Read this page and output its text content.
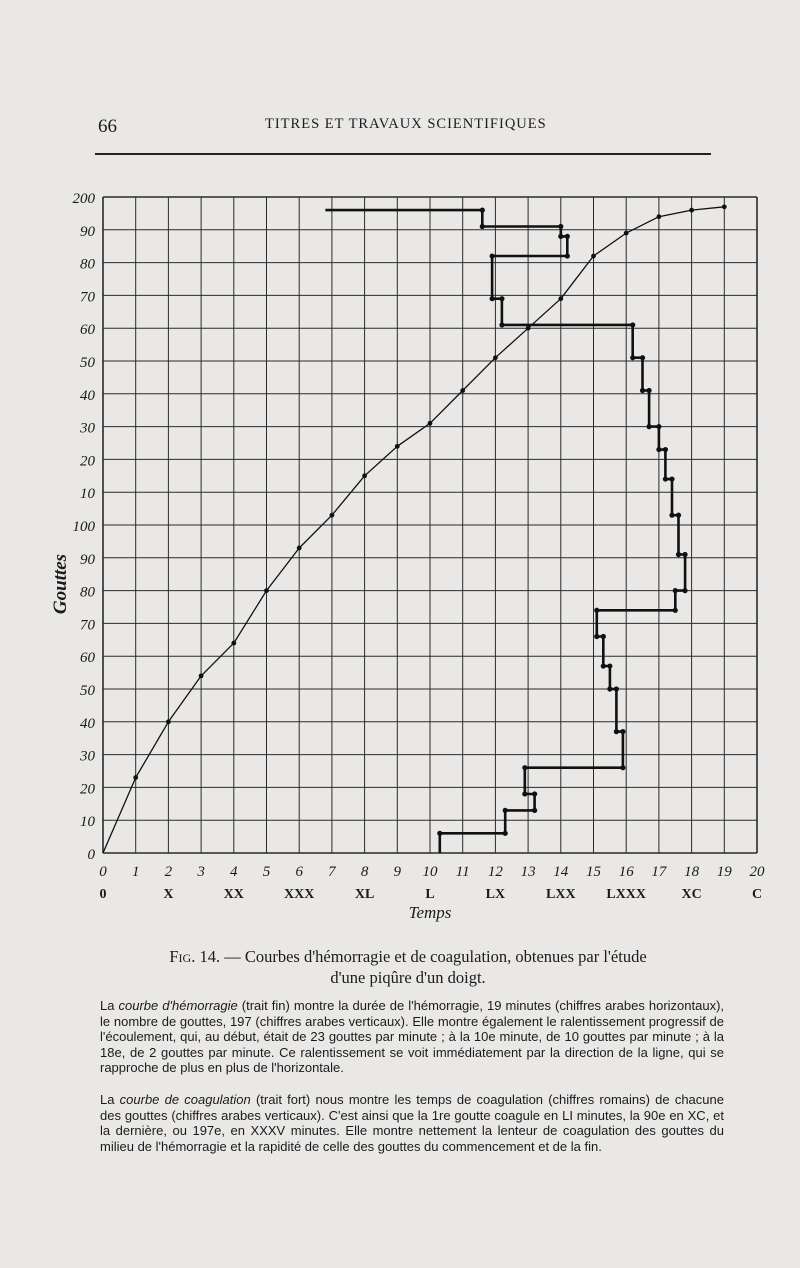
66	TITRES ET TRAVAUX SCIENTIFIQUES
0
10
20
30
40
50
60
70
80
90
100
10
20
30
40
50
60
70
80
90
200
0 1 2 3 4 5 6 7 8 9 10 11 12 13 14 15 16 17 18 19 20
0	X	XX	XXX	XL	L	LX	LXX LXXX	XC	C
Gouttes
Temps
Fig. 14. — Courbes d'hémorragie et de coagulation, obtenues par l'étude
d'une piqûre d'un doigt.

La courbe d'hémorragie (trait fin) montre la durée de l'hémorragie, 19 minutes (chiffres arabes horizontaux), le nombre de gouttes, 197 (chiffres arabes verticaux). Elle montre également le ralentissement progressif de l'écoulement, qui, au début, était de 23 gouttes par minute ; à la 10e minute, de 10 gouttes par minute ; à la 18e, de 2 gouttes par minute. Ce ralentissement se voit immédiatement par la direction de la ligne, qui se rapproche de plus en plus de l'horizontale.

La courbe de coagulation (trait fort) nous montre les temps de coagulation (chiffres romains) de chacune des gouttes (chiffres arabes verticaux). C'est ainsi que la 1re goutte coagule en LI minutes, la 90e en XC, et la dernière, ou 197e, en XXXV minutes. Elle montre nettement la lenteur de coagulation des gouttes du milieu de l'hémorragie et la rapidité de celle des gouttes du commencement et de la fin.
